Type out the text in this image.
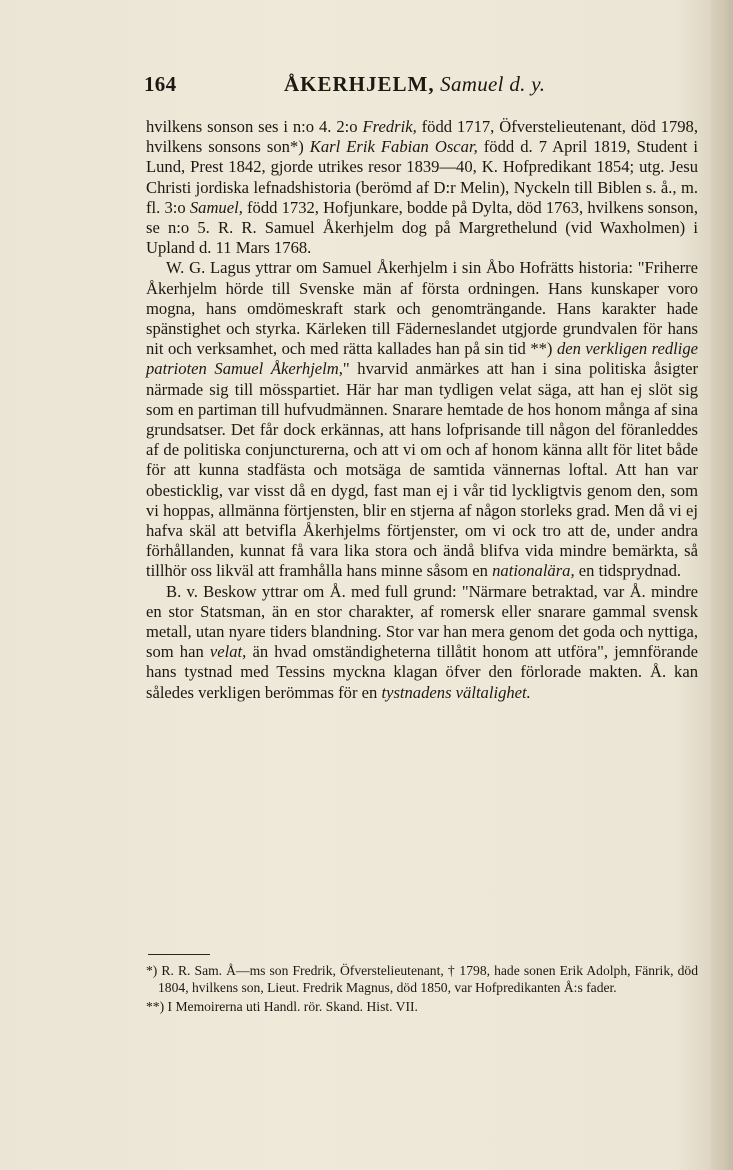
164	ÅKERHJELM, Samuel d. y.

hvilkens sonson ses i n:o 4. 2:o Fredrik, född 1717, Öfverstelieutenant, död 1798, hvilkens sonsons son*) Karl Erik Fabian Oscar, född d. 7 April 1819, Student i Lund, Prest 1842, gjorde utrikes resor 1839—40, K. Hofpredikant 1854; utg. Jesu Christi jordiska lefnadshistoria (berömd af D:r Melin), Nyckeln till Biblen s. å., m. fl. 3:o Samuel, född 1732, Hofjunkare, bodde på Dylta, död 1763, hvilkens sonson, se n:o 5. R. R. Samuel Åkerhjelm dog på Margrethelund (vid Waxholmen) i Upland d. 11 Mars 1768.

W. G. Lagus yttrar om Samuel Åkerhjelm i sin Åbo Hofrätts historia: "Friherre Åkerhjelm hörde till Svenske män af första ordningen. Hans kunskaper voro mogna, hans omdömeskraft stark och genomträngande. Hans karakter hade spänstighet och styrka. Kärleken till Fäderneslandet utgjorde grundvalen för hans nit och verksamhet, och med rätta kallades han på sin tid **) den verkligen redlige patrioten Samuel Åkerhjelm," hvarvid anmärkes att han i sina politiska åsigter närmade sig till mösspartiet. Här har man tydligen velat säga, att han ej slöt sig som en partiman till hufvudmännen. Snarare hemtade de hos honom många af sina grundsatser. Det får dock erkännas, att hans lofprisande till någon del föranleddes af de politiska conjuncturerna, och att vi om och af honom känna allt för litet både för att kunna stadfästa och motsäga de samtida vännernas loftal. Att han var obesticklig, var visst då en dygd, fast man ej i vår tid lyckligtvis genom den, som vi hoppas, allmänna förtjensten, blir en stjerna af någon storleks grad. Men då vi ej hafva skäl att betvifla Åkerhjelms förtjenster, om vi ock tro att de, under andra förhållanden, kunnat få vara lika stora och ändå blifva vida mindre bemärkta, så tillhör oss likväl att framhålla hans minne såsom en nationalära, en tidsprydnad.

B. v. Beskow yttrar om Å. med full grund: "Närmare betraktad, var Å. mindre en stor Statsman, än en stor charakter, af romersk eller snarare gammal svensk metall, utan nyare tiders blandning. Stor var han mera genom det goda och nyttiga, som han velat, än hvad omständigheterna tillåtit honom att utföra", jemnförande hans tystnad med Tessins myckna klagan öfver den förlorade makten. Å. kan således verkligen berömmas för en tystnadens vältalighet.

*) R. R. Sam. Å—ms son Fredrik, Öfverstelieutenant, † 1798, hade sonen Erik Adolph, Fänrik, död 1804, hvilkens son, Lieut. Fredrik Magnus, död 1850, var Hofpredikanten Å:s fader.

**) I Memoirerna uti Handl. rör. Skand. Hist. VII.
